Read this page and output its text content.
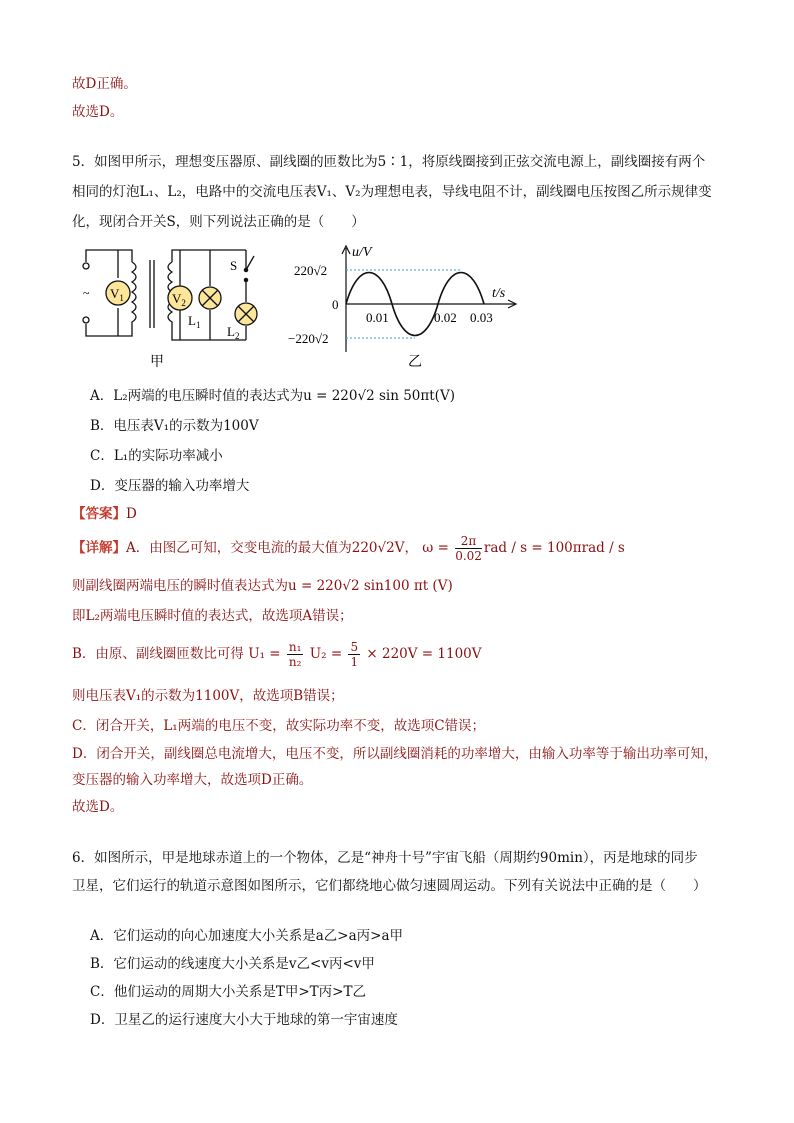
故D正确。
故选D。
5．如图甲所示，理想变压器原、副线圈的匝数比为5∶1，将原线圈接到正弦交流电源上，副线圈接有两个
相同的灯泡L₁、L₂，电路中的交流电压表V₁、V₂为理想电表，导线电阻不计，副线圈电压按图乙所示规律变
化，现闭合开关S，则下列说法正确的是（　　）
~ $V_1$	$V_2$
$L_1$ $L_2$
S
甲
u/V
t/s
220√2
−220√2
0
0.01	0.02 0.03
乙
A．L₂两端的电压瞬时值的表达式为u = 220√2 sin 50πt(V)
B．电压表V₁的示数为100V
C．L₁的实际功率减小
D．变压器的输入功率增大
【答案】D
【详解】A．由图乙可知，交变电流的最大值为220√2V， $\omega = \frac{2\pi}{0.02}$ rad / s = 100πrad / s
则副线圈两端电压的瞬时值表达式为u = 220√2 sin100 πt (V)
即L₂两端电压瞬时值的表达式，故选项A错误；
B．由原、副线圈匝数比可得 $U_1 = \frac{\text{n₁}}{\text{n₂}} U_2 = \frac{5}{1} \times 220V = 1100V$
则电压表V₁的示数为1100V，故选项B错误；
C．闭合开关，L₁两端的电压不变，故实际功率不变，故选项C错误；
D．闭合开关，副线圈总电流增大，电压不变，所以副线圈消耗的功率增大，由输入功率等于输出功率可知，
变压器的输入功率增大，故选项D正确。
故选D。
6．如图所示，甲是地球赤道上的一个物体，乙是“神舟十号”宇宙飞船（周期约90min），丙是地球的同步
卫星，它们运行的轨道示意图如图所示，它们都绕地心做匀速圆周运动。下列有关说法中正确的是（　　）
A．它们运动的向心加速度大小关系是a乙>a丙>a甲
B．它们运动的线速度大小关系是v乙<v丙<v甲
C．他们运动的周期大小关系是T甲>T丙>T乙
D．卫星乙的运行速度大小大于地球的第一宇宙速度
